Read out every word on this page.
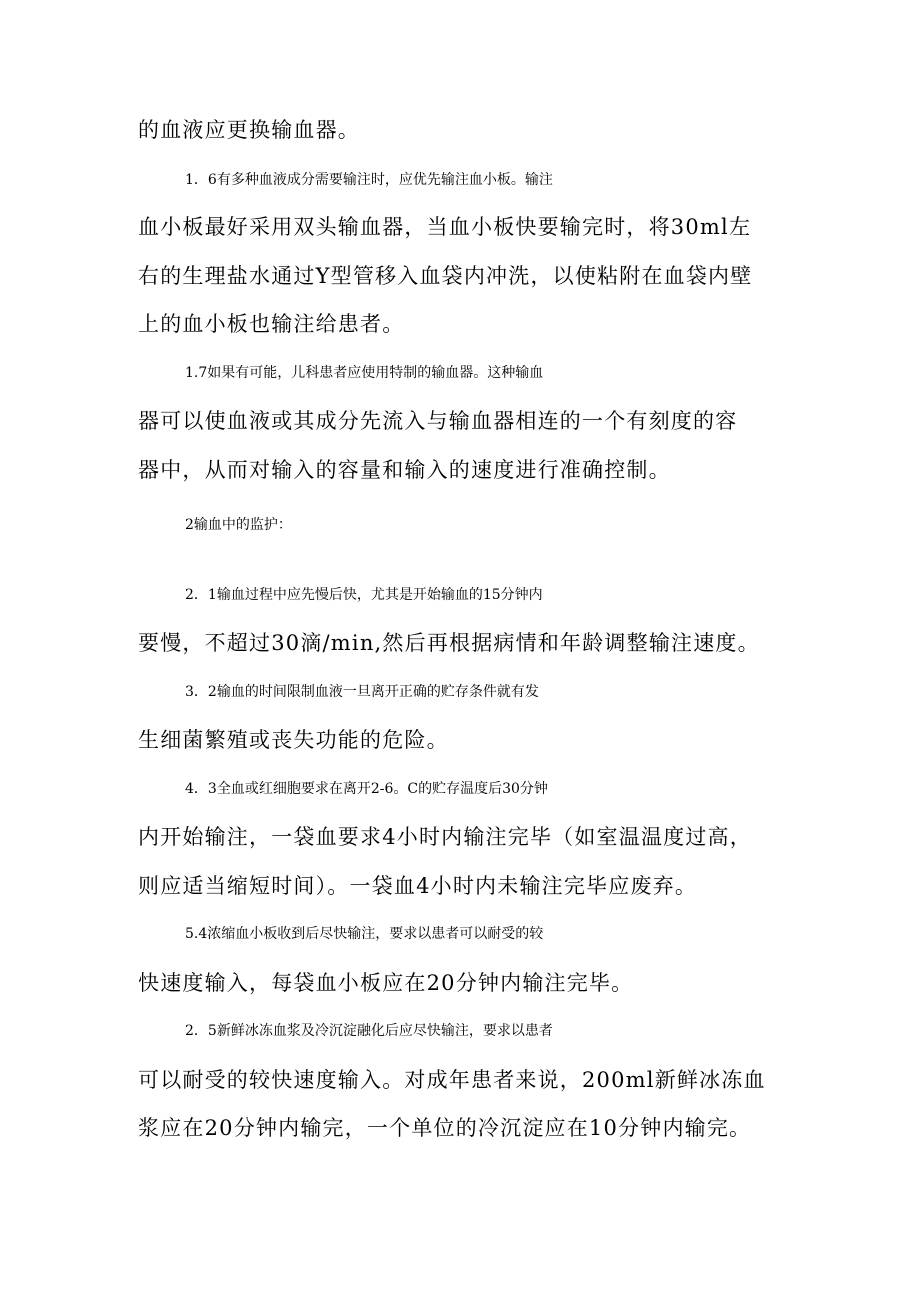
的血液应更换输血器。
1．6有多种血液成分需要输注时，应优先输注血小板。输注
血小板最好采用双头输血器，当血小板快要输完时，将30ml左
右的生理盐水通过Y型管移入血袋内冲洗，以使粘附在血袋内壁
上的血小板也输注给患者。
1.7如果有可能，儿科患者应使用特制的输血器。这种输血
器可以使血液或其成分先流入与输血器相连的一个有刻度的容
器中，从而对输入的容量和输入的速度进行准确控制。
2输血中的监护：
2．1输血过程中应先慢后快，尤其是开始输血的15分钟内
要慢，不超过30滴/min,然后再根据病情和年龄调整输注速度。
3．2输血的时间限制血液一旦离开正确的贮存条件就有发
生细菌繁殖或丧失功能的危险。
4．3全血或红细胞要求在离开2-6。C的贮存温度后30分钟
内开始输注，一袋血要求4小时内输注完毕（如室温温度过高，
则应适当缩短时间）。一袋血4小时内未输注完毕应废弃。
5.4浓缩血小板收到后尽快输注，要求以患者可以耐受的较
快速度输入，每袋血小板应在20分钟内输注完毕。
2．5新鲜冰冻血浆及冷沉淀融化后应尽快输注，要求以患者
可以耐受的较快速度输入。对成年患者来说，200ml新鲜冰冻血
浆应在20分钟内输完，一个单位的冷沉淀应在10分钟内输完。
